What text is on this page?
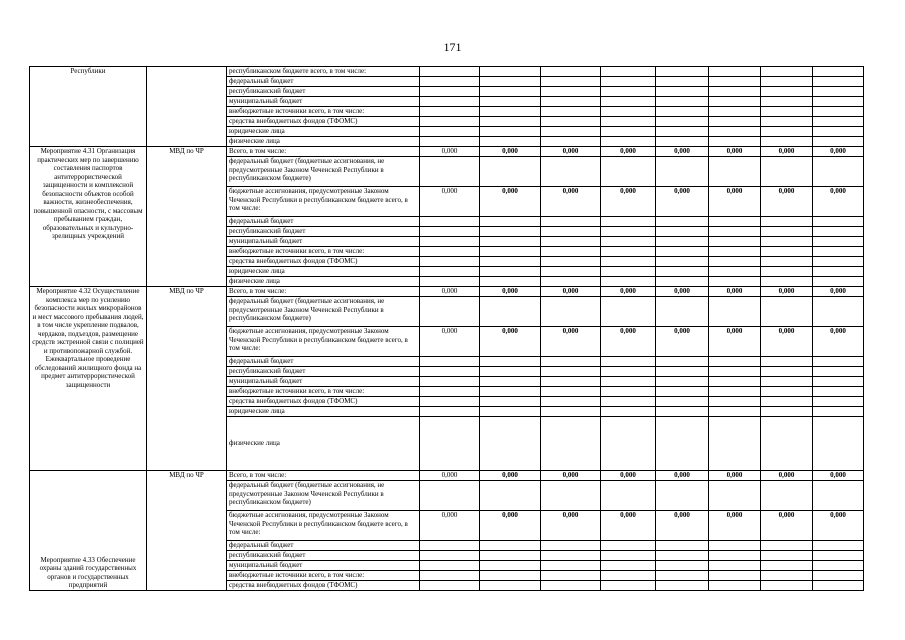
171
Республики		республиканском бюджете всего, в том числе:								
		федеральный бюджет								
		республиканский бюджет								
		муниципальный бюджет								
		внебюджетные источники всего, в том числе:								
		средства внебюджетных фондов (ТФОМС)								
		юридические лица								
		физические лица								
Мероприятие 4.31 Организация практических мер по завершению составления паспортов антитеррористической защищенности и комплексной безопасности объектов особой важности, жизнеобеспечения, повышенной опасности, с массовым пребыванием граждан, образовательных и культурно-зрелищных учреждений	МВД по ЧР	Всего, в том числе:	0,000	0,000	0,000	0,000	0,000	0,000	0,000	0,000
		федеральный бюджет (бюджетные ассигнования, не предусмотренные Законом Чеченской Республики в республиканском бюджете)								
		бюджетные ассигнования, предусмотренные Законом Чеченской Республики в республиканском бюджете всего, в том числе:	0,000	0,000	0,000	0,000	0,000	0,000	0,000	0,000
		федеральный бюджет								
		республиканский бюджет								
		муниципальный бюджет								
		внебюджетные источники всего, в том числе:								
		средства внебюджетных фондов (ТФОМС)								
		юридические лица								
		физические лица								
Мероприятие 4.32 Осуществление комплекса мер по усилению безопасности жилых микрорайонов и мест массового пребывания людей, в том числе укрепление подвалов, чердаков, подъездов, размещение средств экстренной связи с полицией и противопожарной службой. Ежеквартальное проведение обследований жилищного фонда на предмет антитеррористической защищенности	МВД по ЧР	Всего, в том числе:	0,000	0,000	0,000	0,000	0,000	0,000	0,000	0,000
		федеральный бюджет (бюджетные ассигнования, не предусмотренные Законом Чеченской Республики в республиканском бюджете)								
		бюджетные ассигнования, предусмотренные Законом Чеченской Республики в республиканском бюджете всего, в том числе:	0,000	0,000	0,000	0,000	0,000	0,000	0,000	0,000
		федеральный бюджет								
		республиканский бюджет								
		муниципальный бюджет								
		внебюджетные источники всего, в том числе:								
		средства внебюджетных фондов (ТФОМС)								
		юридические лица								
		физические лица								
Мероприятие 4.33 Обеспечение охраны зданий государственных органов и государственных предприятий	МВД по ЧР	Всего, в том числе:	0,000	0,000	0,000	0,000	0,000	0,000	0,000	0,000
		федеральный бюджет (бюджетные ассигнования, не предусмотренные Законом Чеченской Республики в республиканском бюджете)								
		бюджетные ассигнования, предусмотренные Законом Чеченской Республики в республиканском бюджете всего, в том числе:	0,000	0,000	0,000	0,000	0,000	0,000	0,000	0,000
		федеральный бюджет								
		республиканский бюджет								
		муниципальный бюджет								
		внебюджетные источники всего, в том числе:								
		средства внебюджетных фондов (ТФОМС)								
